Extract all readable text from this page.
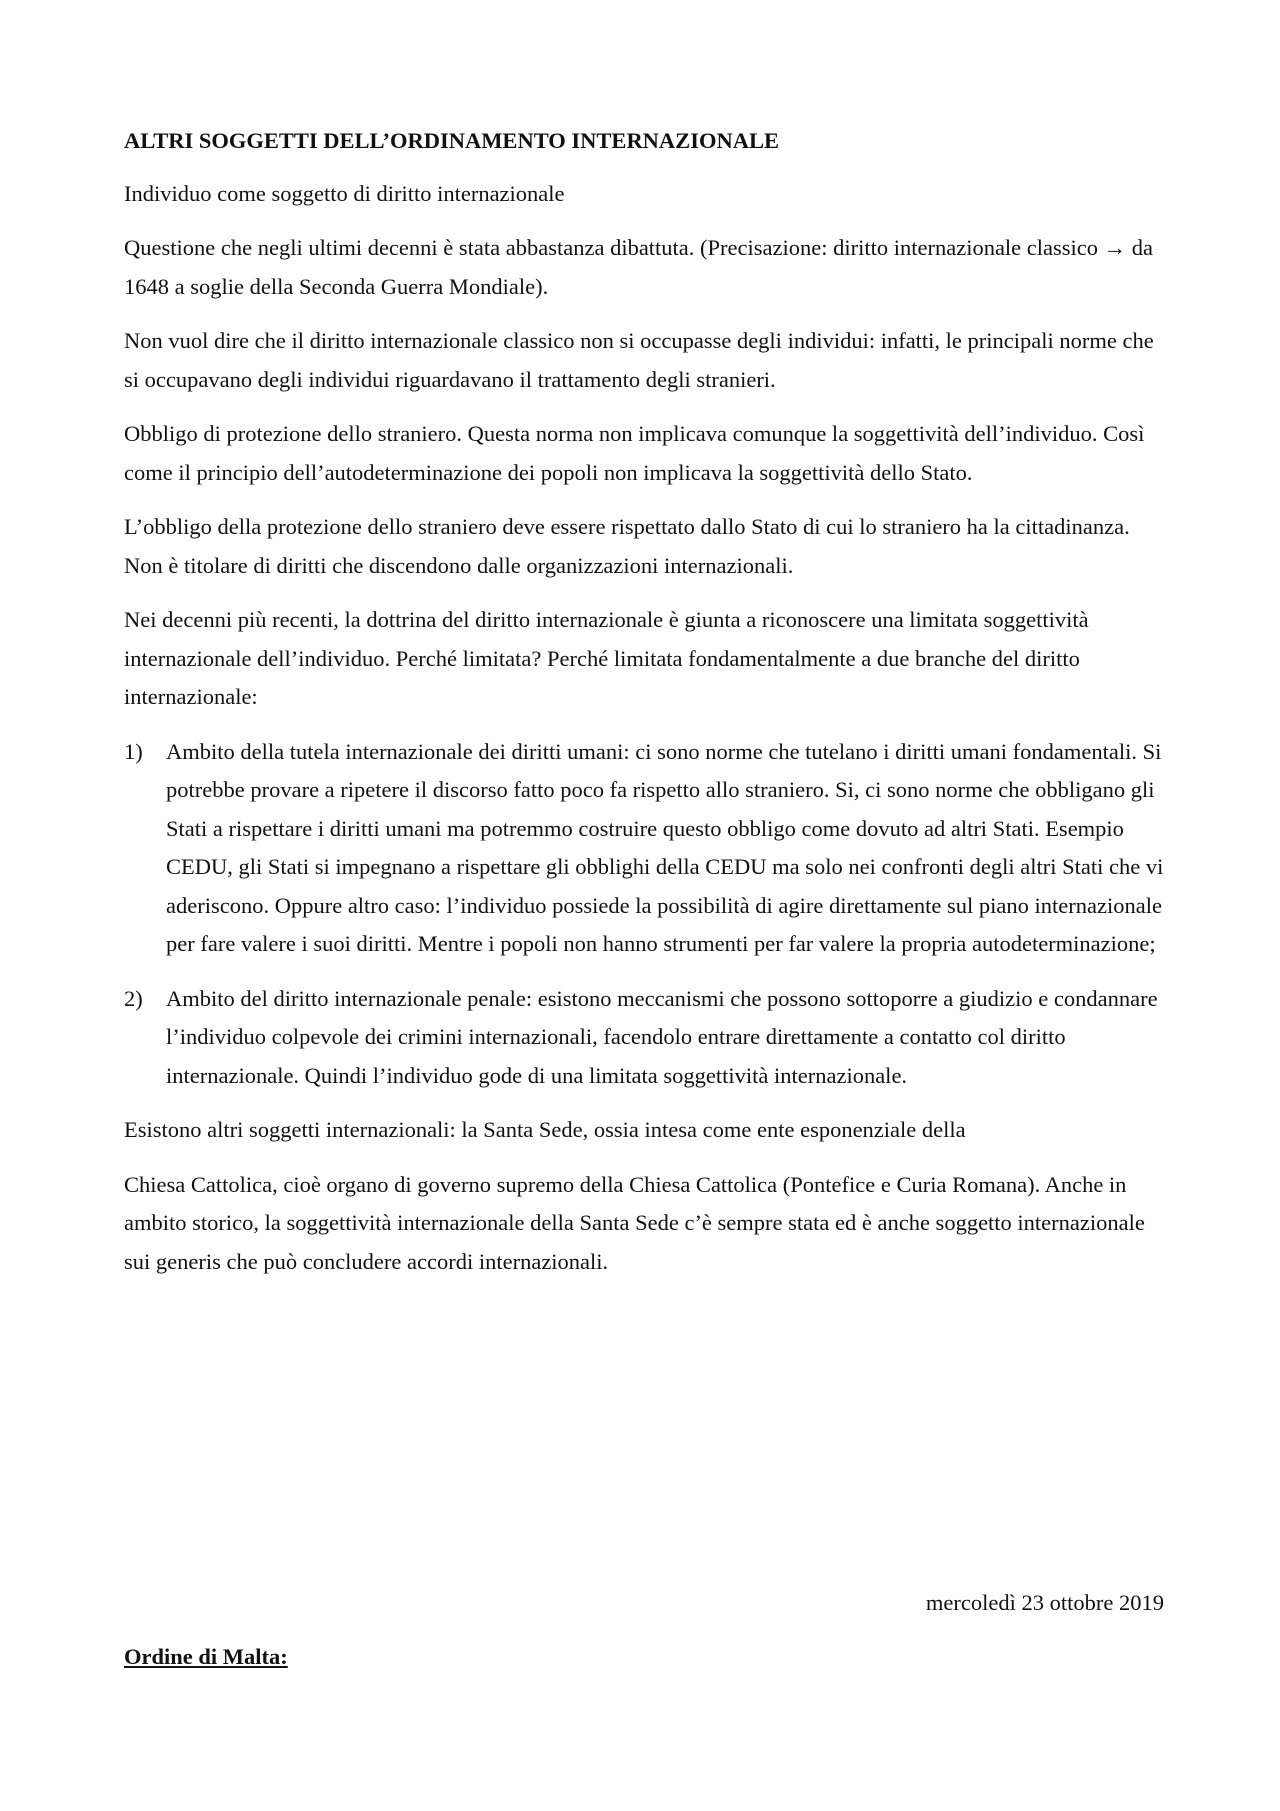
ALTRI SOGGETTI DELL’ORDINAMENTO INTERNAZIONALE

Individuo come soggetto di diritto internazionale

Questione che negli ultimi decenni è stata abbastanza dibattuta. (Precisazione: diritto internazionale classico → da 1648 a soglie della Seconda Guerra Mondiale).

Non vuol dire che il diritto internazionale classico non si occupasse degli individui: infatti, le principali norme che si occupavano degli individui riguardavano il trattamento degli stranieri.

Obbligo di protezione dello straniero. Questa norma non implicava comunque la soggettività dell’individuo. Così come il principio dell’autodeterminazione dei popoli non implicava la soggettività dello Stato.

L’obbligo della protezione dello straniero deve essere rispettato dallo Stato di cui lo straniero ha la cittadinanza. Non è titolare di diritti che discendono dalle organizzazioni internazionali.

Nei decenni più recenti, la dottrina del diritto internazionale è giunta a riconoscere una limitata soggettività internazionale dell’individuo. Perché limitata? Perché limitata fondamentalmente a due branche del diritto internazionale:

1) Ambito della tutela internazionale dei diritti umani: ci sono norme che tutelano i diritti umani fondamentali. Si potrebbe provare a ripetere il discorso fatto poco fa rispetto allo straniero. Si, ci sono norme che obbligano gli Stati a rispettare i diritti umani ma potremmo costruire questo obbligo come dovuto ad altri Stati. Esempio CEDU, gli Stati si impegnano a rispettare gli obblighi della CEDU ma solo nei confronti degli altri Stati che vi aderiscono. Oppure altro caso: l’individuo possiede la possibilità di agire direttamente sul piano internazionale per fare valere i suoi diritti. Mentre i popoli non hanno strumenti per far valere la propria autodeterminazione;
2) Ambito del diritto internazionale penale: esistono meccanismi che possono sottoporre a giudizio e condannare l’individuo colpevole dei crimini internazionali, facendolo entrare direttamente a contatto col diritto internazionale. Quindi l’individuo gode di una limitata soggettività internazionale.

Esistono altri soggetti internazionali: la Santa Sede, ossia intesa come ente esponenziale della

Chiesa Cattolica, cioè organo di governo supremo della Chiesa Cattolica (Pontefice e Curia Romana). Anche in ambito storico, la soggettività internazionale della Santa Sede c’è sempre stata ed è anche soggetto internazionale sui generis che può concludere accordi internazionali.

mercoledì 23 ottobre 2019
Ordine di Malta:
